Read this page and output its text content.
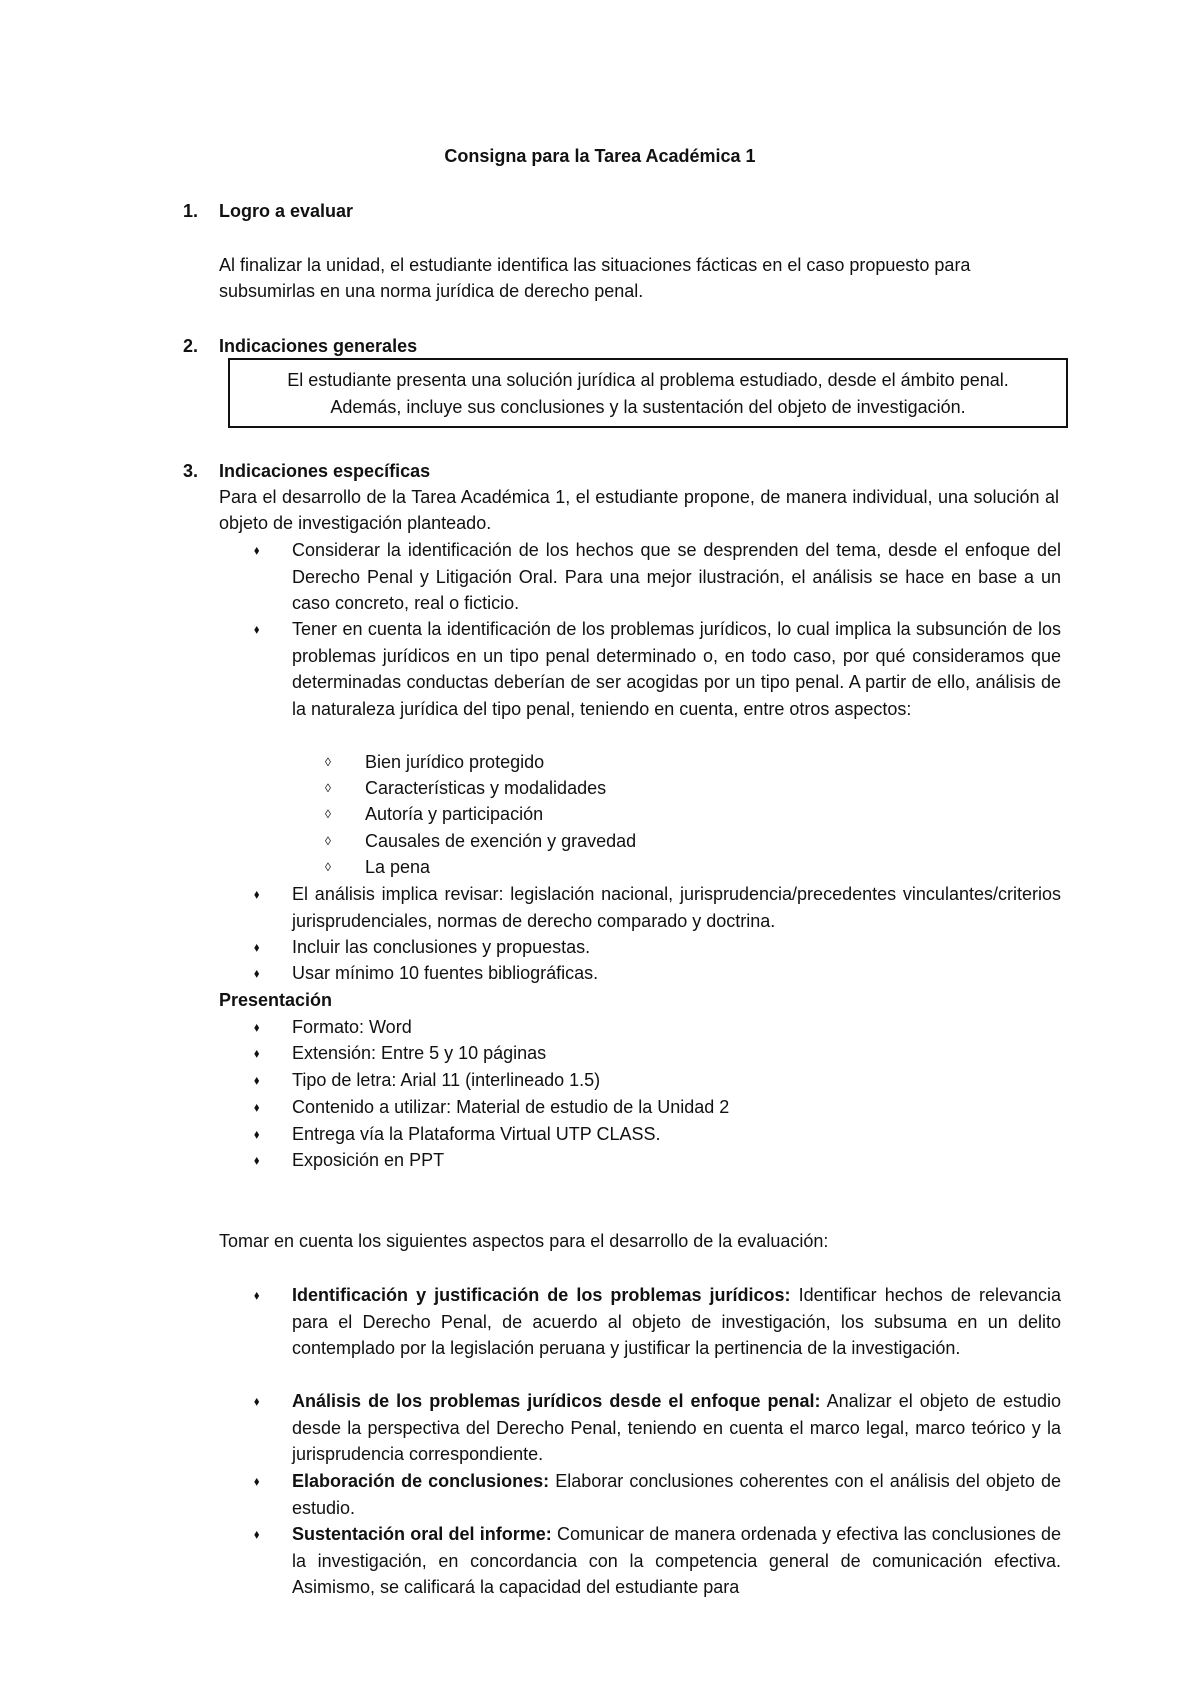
Consigna para la Tarea Académica 1
1. Logro a evaluar
Al finalizar la unidad, el estudiante identifica las situaciones fácticas en el caso propuesto para subsumirlas en una norma jurídica de derecho penal.
2. Indicaciones generales
El estudiante presenta una solución jurídica al problema estudiado, desde el ámbito penal.
Además, incluye sus conclusiones y la sustentación del objeto de investigación.
3. Indicaciones específicas
Para el desarrollo de la Tarea Académica 1, el estudiante propone, de manera individual, una solución al objeto de investigación planteado.
⬧	Considerar la identificación de los hechos que se desprenden del tema, desde el enfoque del Derecho Penal y Litigación Oral. Para una mejor ilustración, el análisis se hace en base a un caso concreto, real o ficticio.
⬧	Tener en cuenta la identificación de los problemas jurídicos, lo cual implica la subsunción de los problemas jurídicos en un tipo penal determinado o, en todo caso, por qué consideramos que determinadas conductas deberían de ser acogidas por un tipo penal. A partir de ello, análisis de la naturaleza jurídica del tipo penal, teniendo en cuenta, entre otros aspectos:
◊ Bien jurídico protegido
◊ Características y modalidades
◊ Autoría y participación
◊ Causales de exención y gravedad
◊ La pena
⬧	El análisis implica revisar: legislación nacional, jurisprudencia/precedentes vinculantes/criterios jurisprudenciales, normas de derecho comparado y doctrina.
⬧	Incluir las conclusiones y propuestas.
⬧	Usar mínimo 10 fuentes bibliográficas.
Presentación
⬧	Formato: Word
⬧	Extensión: Entre 5 y 10 páginas
⬧	Tipo de letra: Arial 11 (interlineado 1.5)
⬧	Contenido a utilizar: Material de estudio de la Unidad 2
⬧	Entrega vía la Plataforma Virtual UTP CLASS.
⬧	Exposición en PPT
Tomar en cuenta los siguientes aspectos para el desarrollo de la evaluación:
⬧	Identificación y justificación de los problemas jurídicos: Identificar hechos de relevancia para el Derecho Penal, de acuerdo al objeto de investigación, los subsuma en un delito contemplado por la legislación peruana y justificar la pertinencia de la investigación.
⬧	Análisis de los problemas jurídicos desde el enfoque penal: Analizar el objeto de estudio desde la perspectiva del Derecho Penal, teniendo en cuenta el marco legal, marco teórico y la jurisprudencia correspondiente.
⬧	Elaboración de conclusiones: Elaborar conclusiones coherentes con el análisis del objeto de estudio.
⬧	Sustentación oral del informe: Comunicar de manera ordenada y efectiva las conclusiones de la investigación, en concordancia con la competencia general de comunicación efectiva. Asimismo, se calificará la capacidad del estudiante para
